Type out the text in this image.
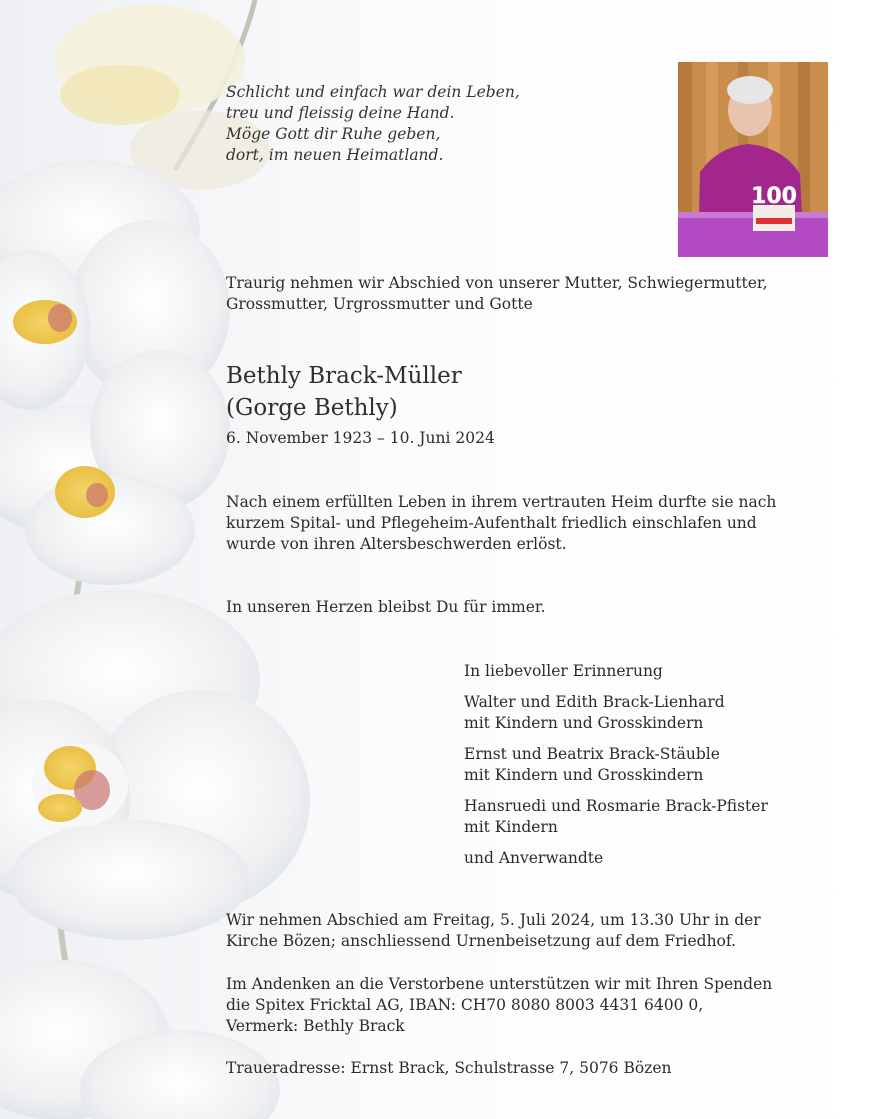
Schlicht und einfach war dein Leben,
treu und fleissig deine Hand.
Möge Gott dir Ruhe geben,
dort, im neuen Heimatland.
100
Traurig nehmen wir Abschied von unserer Mutter, Schwiegermutter,
Grossmutter, Urgrossmutter und Gotte
Bethly Brack-Müller
(Gorge Bethly)
6. November 1923 – 10. Juni 2024
Nach einem erfüllten Leben in ihrem vertrauten Heim durfte sie nach
kurzem Spital- und Pflegeheim-Aufenthalt friedlich einschlafen und
wurde von ihren Altersbeschwerden erlöst.
In unseren Herzen bleibst Du für immer.
In liebevoller Erinnerung
Walter und Edith Brack-Lienhard
mit Kindern und Grosskindern
Ernst und Beatrix Brack-Stäuble
mit Kindern und Grosskindern
Hansruedi und Rosmarie Brack-Pfister
mit Kindern
und Anverwandte
Wir nehmen Abschied am Freitag, 5. Juli 2024, um 13.30 Uhr in der
Kirche Bözen; anschliessend Urnenbeisetzung auf dem Friedhof.
Im Andenken an die Verstorbene unterstützen wir mit Ihren Spenden
die Spitex Fricktal AG, IBAN: CH70 8080 8003 4431 6400 0,
Vermerk: Bethly Brack
Traueradresse: Ernst Brack, Schulstrasse 7, 5076 Bözen
